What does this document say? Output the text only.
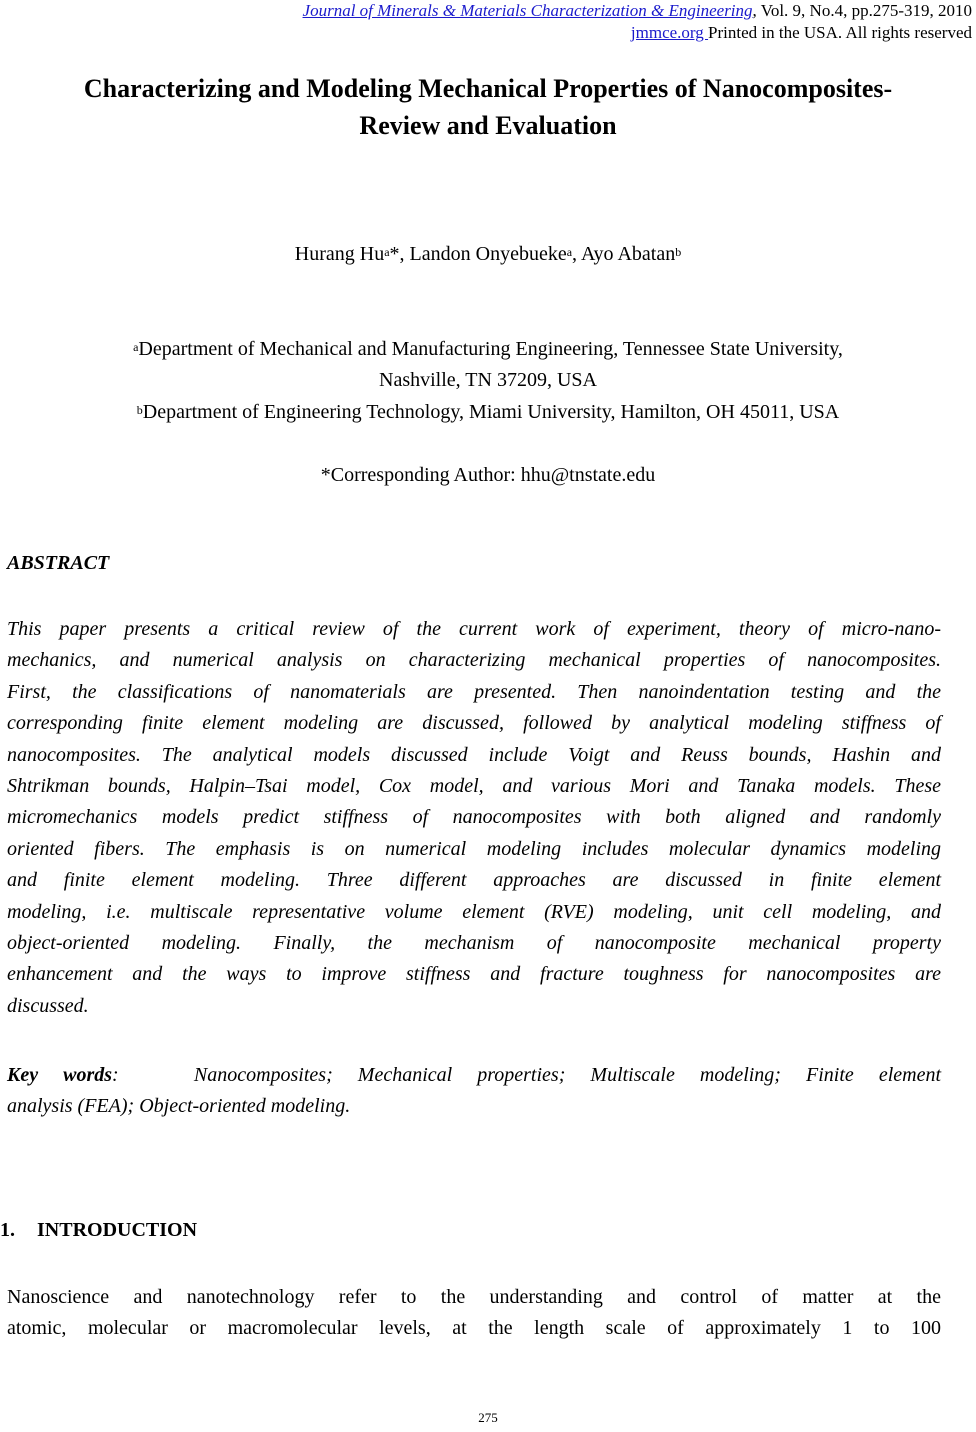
Journal of Minerals & Materials Characterization & Engineering, Vol. 9, No.4, pp.275-319, 2010
jmmce.org Printed in the USA. All rights reserved
Characterizing and Modeling Mechanical Properties of Nanocomposites-
Review and Evaluation
Hurang Hu$^a$*, Landon Onyebueke$^a$, Ayo Abatan$^b$
$^a$Department of Mechanical and Manufacturing Engineering, Tennessee State University,
Nashville, TN 37209, USA
$^b$Department of Engineering Technology, Miami University, Hamilton, OH 45011, USA
*Corresponding Author: hhu@tnstate.edu
ABSTRACT
This paper presents a critical review of the current work of experiment, theory of micro-nano-
mechanics, and numerical analysis on characterizing mechanical properties of nanocomposites.
First, the classifications of nanomaterials are presented. Then nanoindentation testing and the
corresponding finite element modeling are discussed, followed by analytical modeling stiffness of
nanocomposites. The analytical models discussed include Voigt and Reuss bounds, Hashin and
Shtrikman bounds, Halpin–Tsai model, Cox model, and various Mori and Tanaka models. These
micromechanics models predict stiffness of nanocomposites with both aligned and randomly
oriented fibers. The emphasis is on numerical modeling includes molecular dynamics modeling
and finite element modeling. Three different approaches are discussed in finite element
modeling, i.e. multiscale representative volume element (RVE) modeling, unit cell modeling, and
object-oriented modeling. Finally, the mechanism of nanocomposite mechanical property
enhancement and the ways to improve stiffness and fracture toughness for nanocomposites are
discussed.
Key words:	Nanocomposites; Mechanical properties; Multiscale modeling; Finite element
analysis (FEA); Object-oriented modeling.
1. INTRODUCTION
Nanoscience and nanotechnology refer to the understanding and control of matter at the
atomic, molecular or macromolecular levels, at the length scale of approximately 1 to 100
275
